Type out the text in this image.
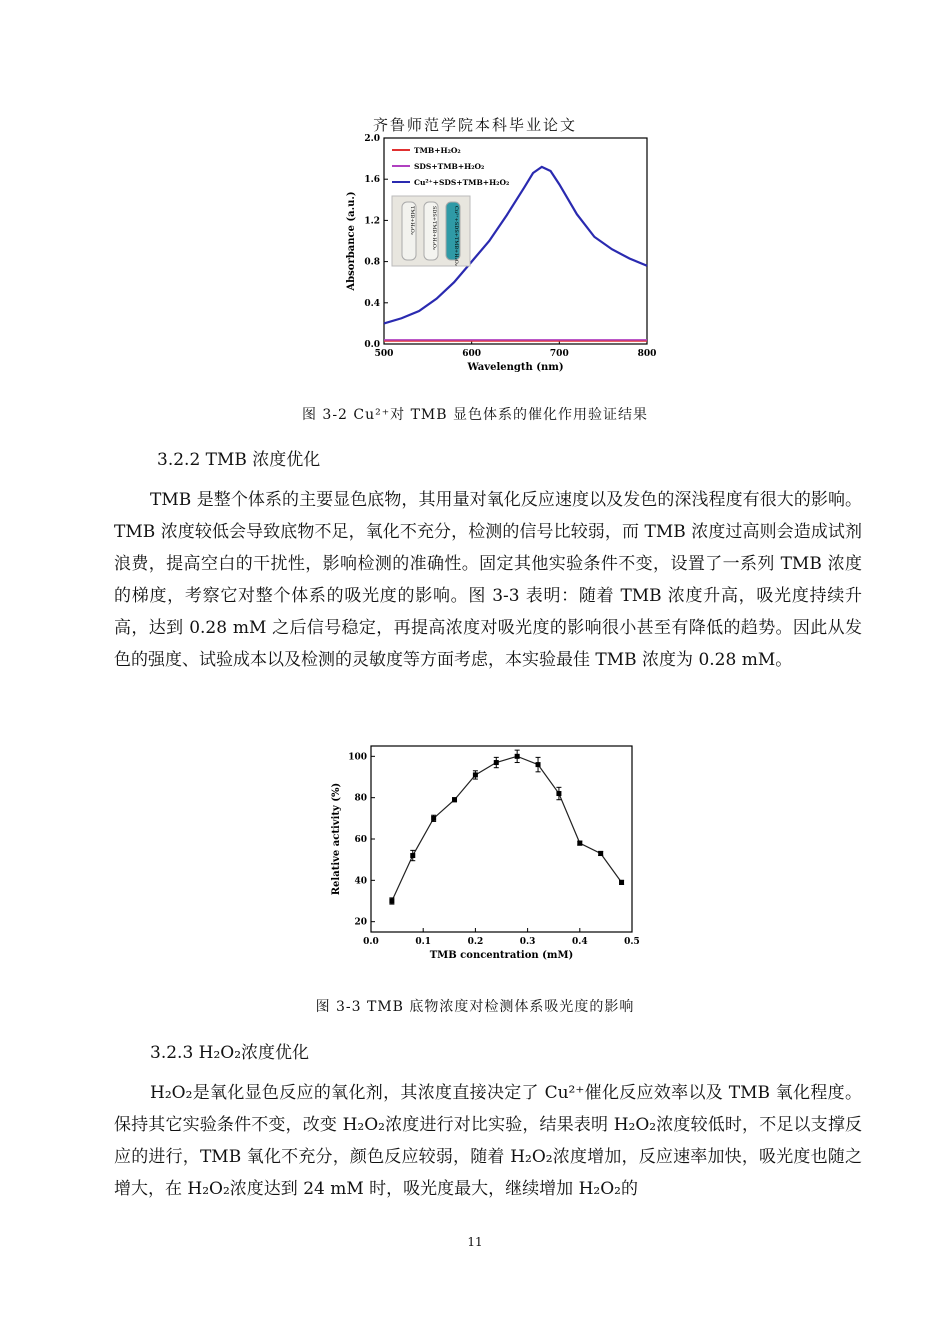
齐鲁师范学院本科毕业论文
500	600	700	800
0.0
0.4
0.8
1.2
1.6
2.0
Wavelength (nm)
Absorbance (a.u.)
TMB+H₂O₂
SDS+TMB+H₂O₂
Cu²⁺+SDS+TMB+H₂O₂
TMB+H₂O₂	SDS+TMB+H₂O₂	Cu²⁺+SDS+TMB+H₂O₂
图 3-2 Cu²⁺对 TMB 显色体系的催化作用验证结果
3.2.2 TMB 浓度优化

TMB 是整个体系的主要显色底物，其用量对氧化反应速度以及发色的深浅程度有很大的影响。TMB 浓度较低会导致底物不足，氧化不充分，检测的信号比较弱，而 TMB 浓度过高则会造成试剂浪费，提高空白的干扰性，影响检测的准确性。固定其他实验条件不变，设置了一系列 TMB 浓度的梯度，考察它对整个体系的吸光度的影响。图 3-3 表明：随着 TMB 浓度升高，吸光度持续升高，达到 0.28 mM 之后信号稳定，再提高浓度对吸光度的影响很小甚至有降低的趋势。因此从发色的强度、试验成本以及检测的灵敏度等方面考虑，本实验最佳 TMB 浓度为 0.28 mM。

0.0	0.1	0.2	0.3	0.4	0.5
20
40
60
80
100
TMB concentration (mM)
Relative activity (%)
图 3-3 TMB 底物浓度对检测体系吸光度的影响
3.2.3 H₂O₂浓度优化

H₂O₂是氧化显色反应的氧化剂，其浓度直接决定了 Cu²⁺催化反应效率以及 TMB 氧化程度。保持其它实验条件不变，改变 H₂O₂浓度进行对比实验，结果表明 H₂O₂浓度较低时，不足以支撑反应的进行，TMB 氧化不充分，颜色反应较弱，随着 H₂O₂浓度增加，反应速率加快，吸光度也随之增大，在 H₂O₂浓度达到 24 mM 时，吸光度最大，继续增加 H₂O₂的

11
